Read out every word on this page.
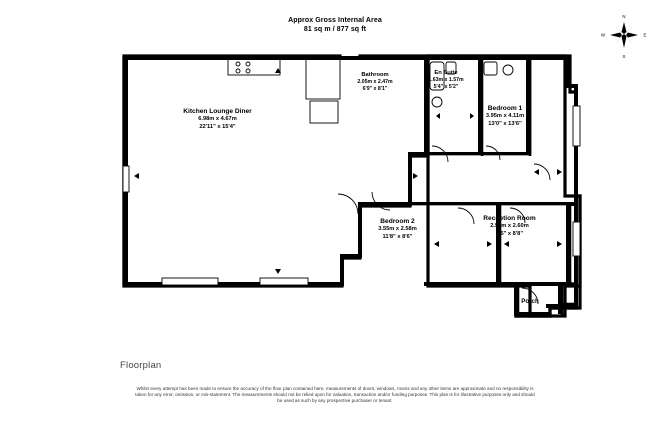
Approx Gross Internal Area
81 sq m / 877 sq ft
N
E
S
W
Kitchen Lounge Diner
6.98m x 4.67m
22'11" x 15'4"
Bathroom
2.05m x 2.47m
6'9" x 8'1"
En Suite
1.63m x 1.57m
5'4" x 5'2"
Bedroom 1
3.95m x 4.11m
13'0" x 13'6"
Bedroom 2
3.55m x 2.58m
11'8" x 8'6"
Reception Room
2.56m x 2.60m
8'5" x 8'8"
Porch
Floorplan
Whilst every attempt has been made to ensure the accuracy of the floor plan contained here, measurements of doors, windows, rooms and any other items are approximate and no responsibility is taken for any error, omission, or mis-statement. The measurements should not be relied upon for valuation, transaction and/or funding purposes. This plan is for illustrative purposes only and should be used as such by any prospective purchaser or tenant.
